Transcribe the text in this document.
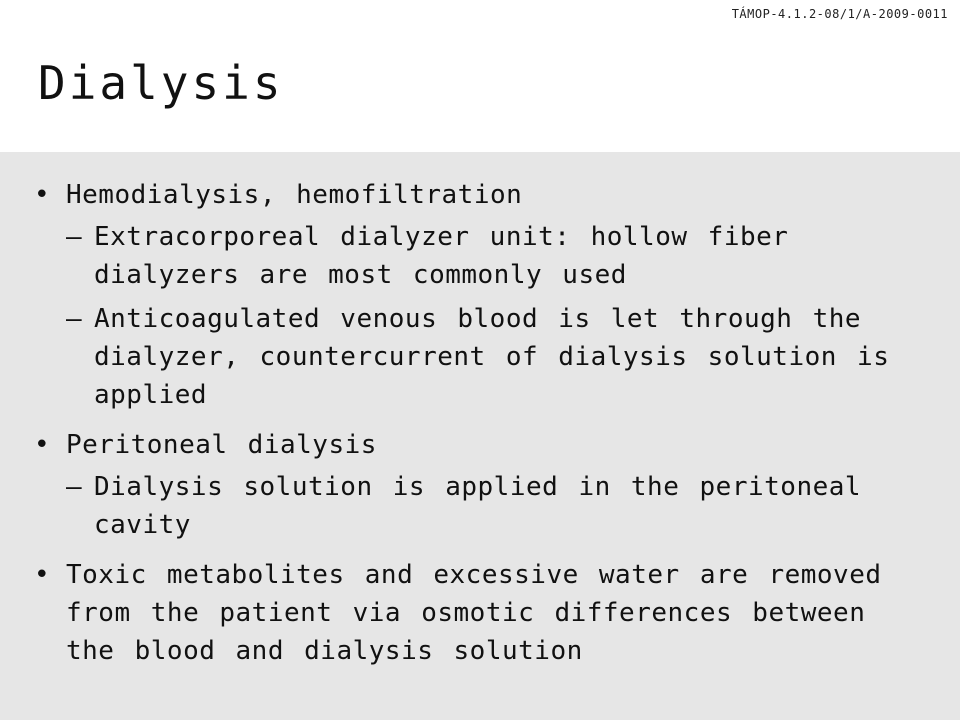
TÁMOP-4.1.2-08/1/A-2009-0011
Dialysis
• Hemodialysis, hemofiltration
– Extracorporeal dialyzer unit: hollow fiber dialyzers are most commonly used
– Anticoagulated venous blood is let through the dialyzer, countercurrent of dialysis solution is applied
• Peritoneal dialysis
– Dialysis solution is applied in the peritoneal cavity
• Toxic metabolites and excessive water are removed from the patient via osmotic differences between the blood and dialysis solution
